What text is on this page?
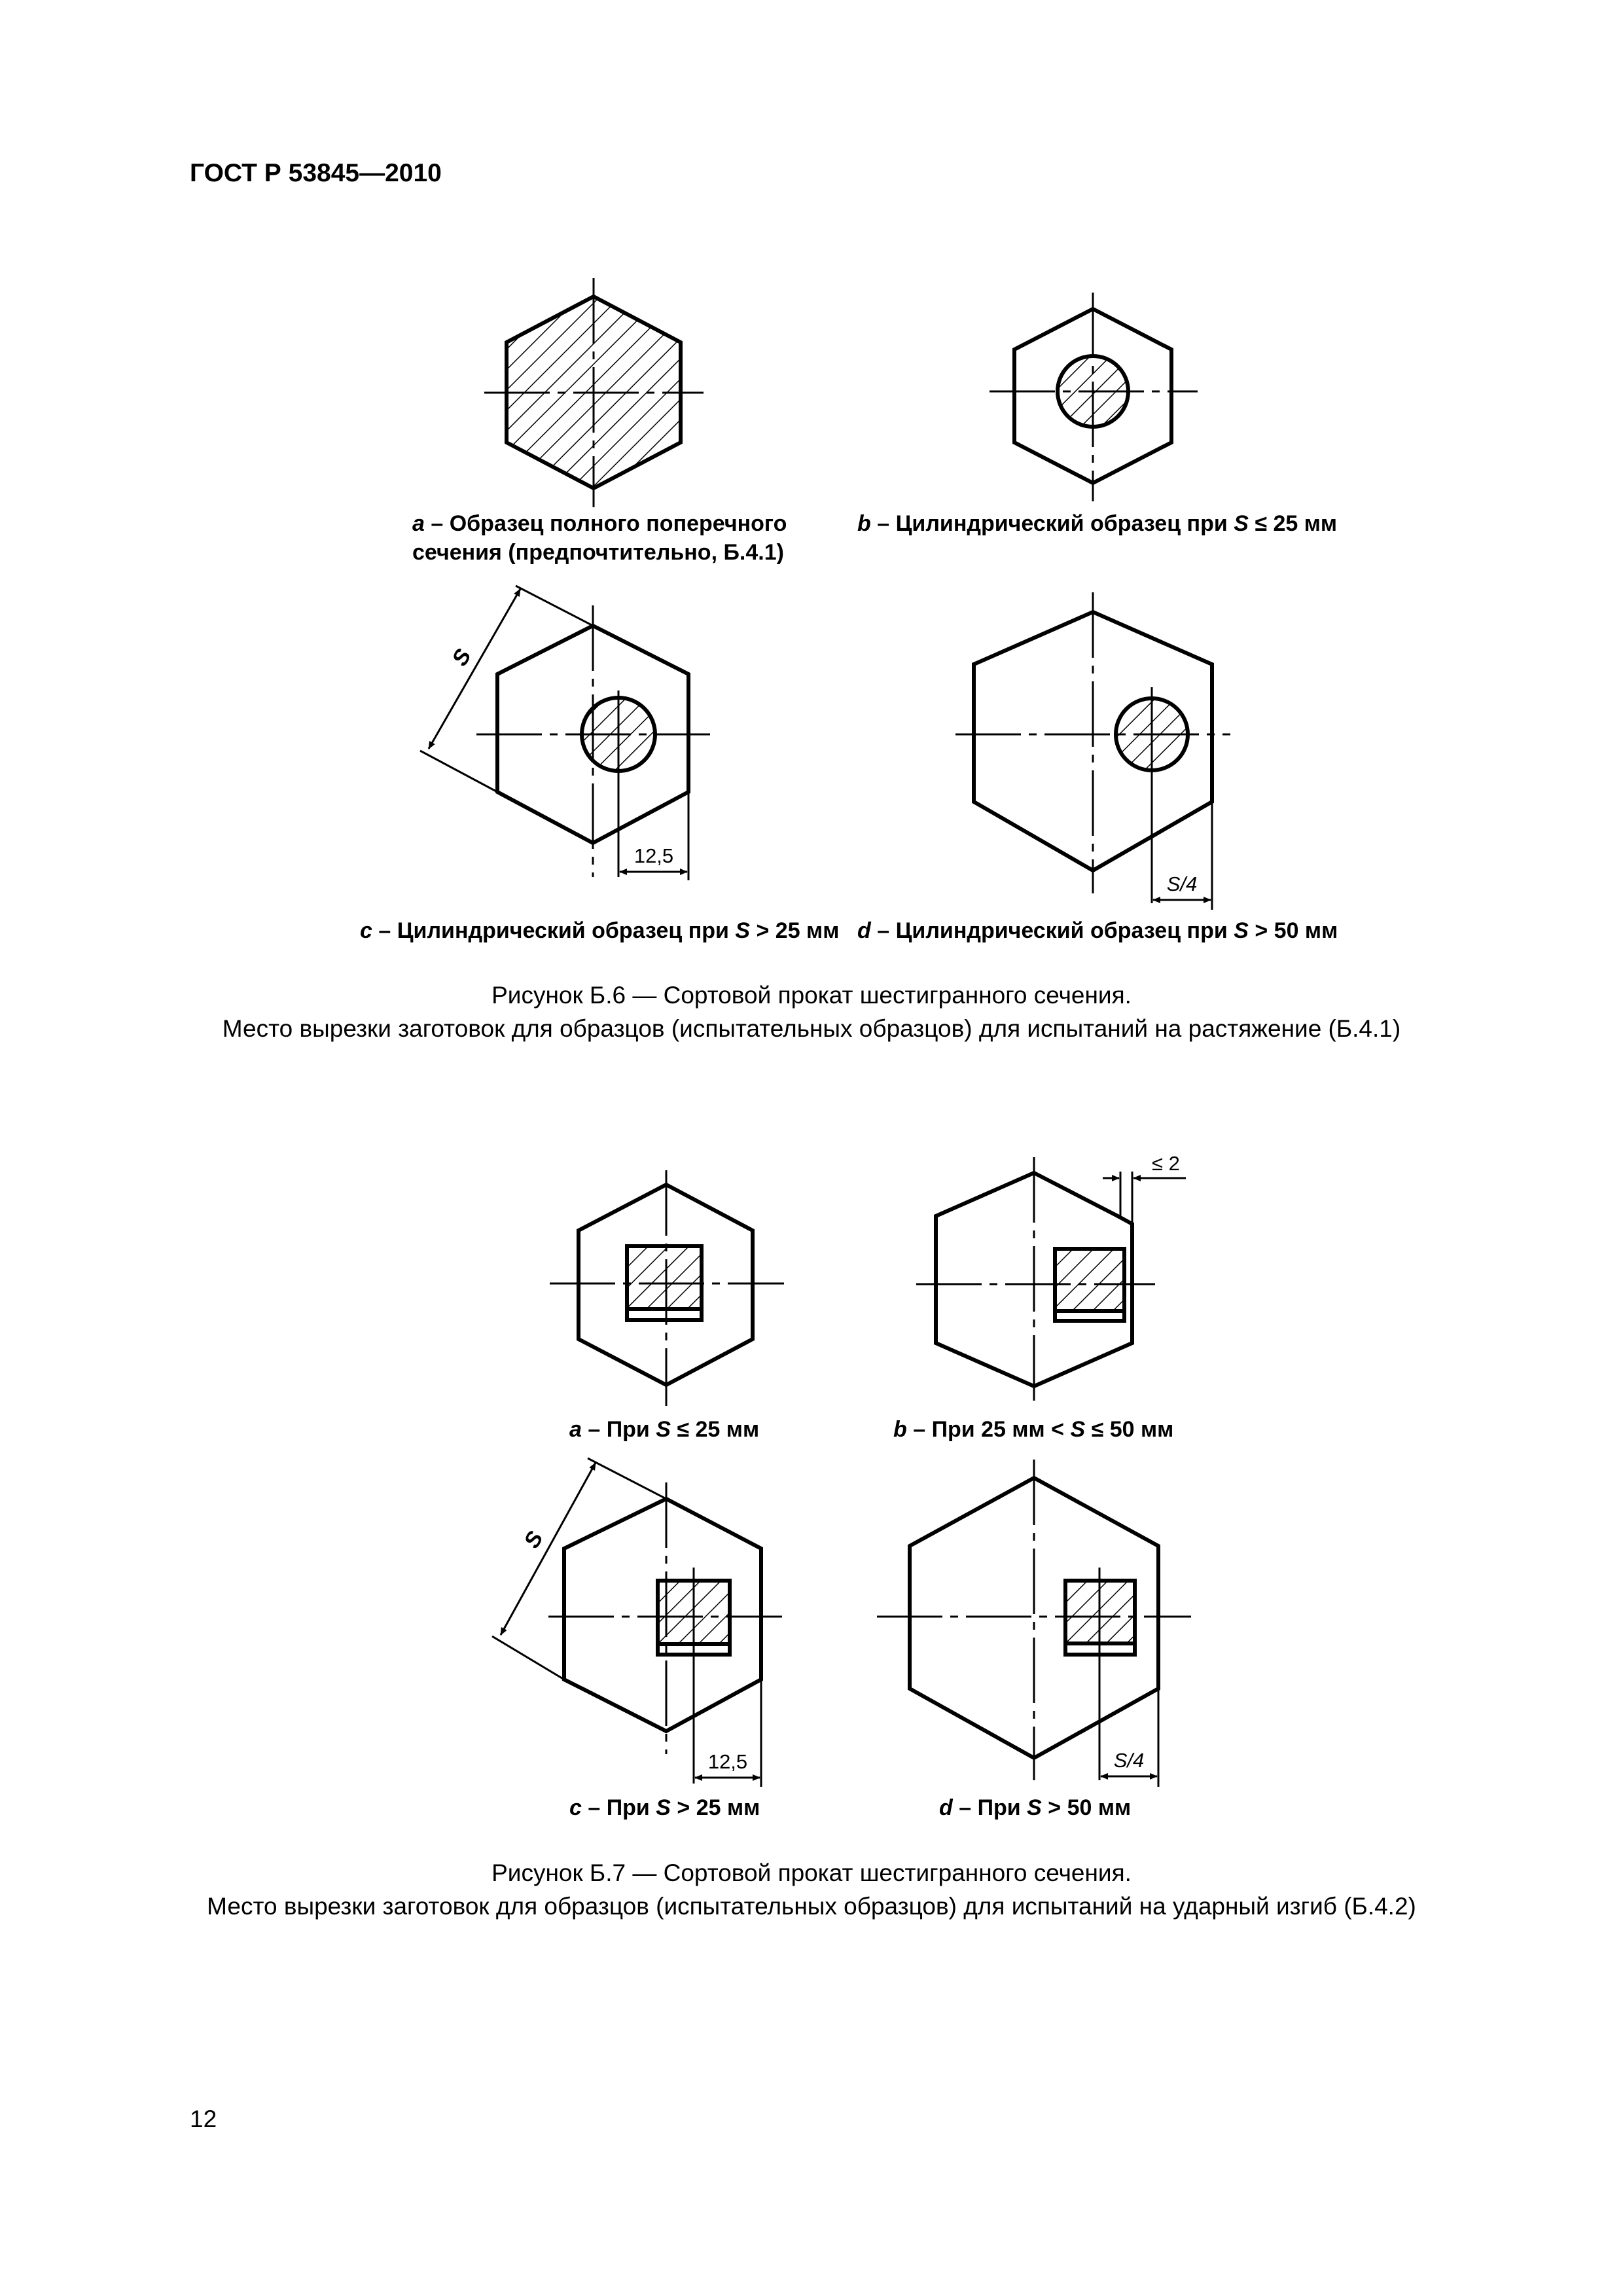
ГОСТ Р 53845—2010
12,5
S
S/4
≤ 2
12,5
S
S/4
a – Образец полного поперечного
сечения (предпочтительно, Б.4.1)
b – Цилиндрический образец при S ≤ 25 мм
c – Цилиндрический образец при S > 25 мм d – Цилиндрический образец при S > 50 мм
Рисунок Б.6 — Сортовой прокат шестигранного сечения.
Место вырезки заготовок для образцов (испытательных образцов) для испытаний на растяжение (Б.4.1)
a – При S ≤ 25 мм	b – При 25 мм < S ≤ 50 мм
c – При S > 25 мм	d – При S > 50 мм
Рисунок Б.7 — Сортовой прокат шестигранного сечения.
Место вырезки заготовок для образцов (испытательных образцов) для испытаний на ударный изгиб (Б.4.2)
12
